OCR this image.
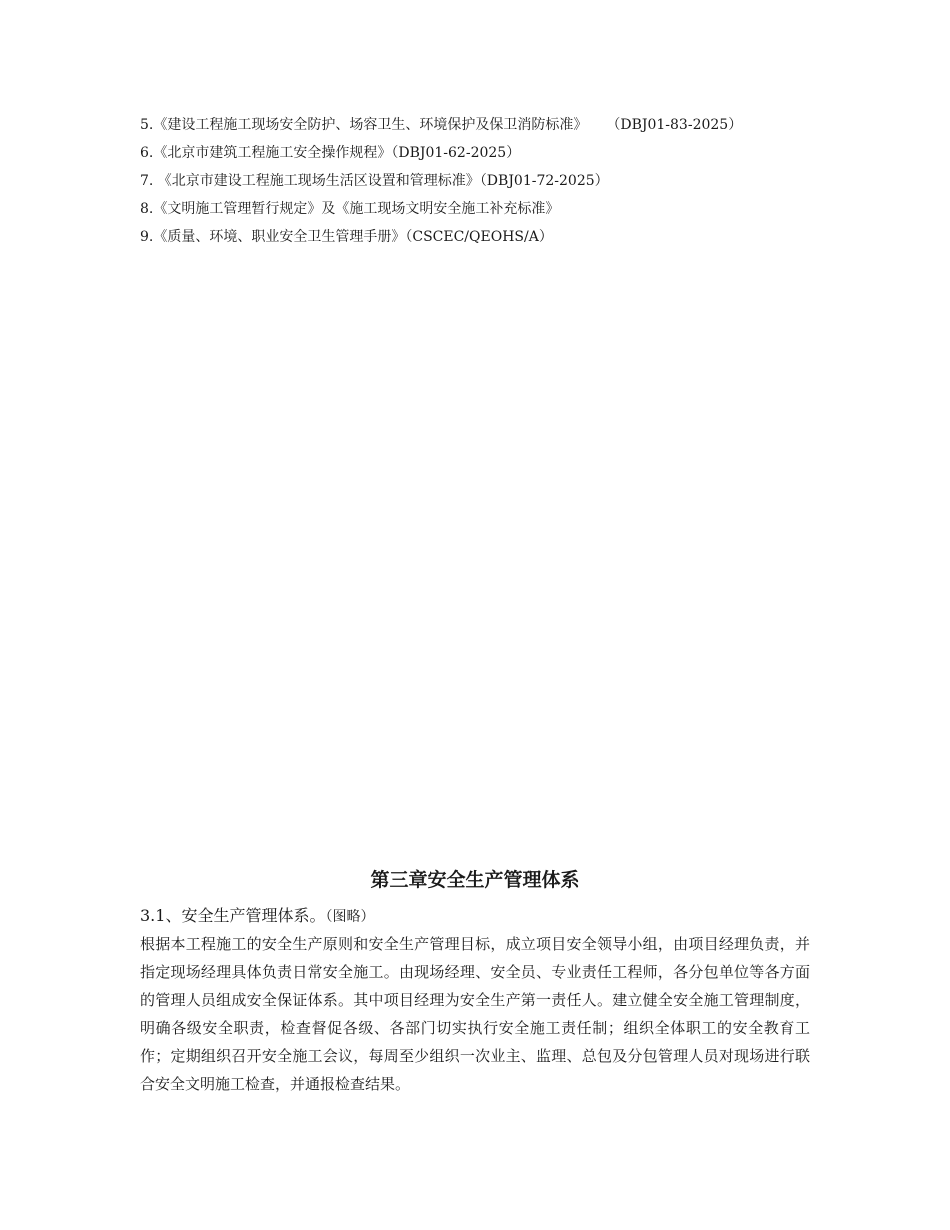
5.《建设工程施工现场安全防护、场容卫生、环境保护及保卫消防标准》 （DBJ01-83-2025）
6.《北京市建筑工程施工安全操作规程》（DBJ01-62-2025）
7. 《北京市建设工程施工现场生活区设置和管理标准》（DBJ01-72-2025）
8.《文明施工管理暂行规定》及《施工现场文明安全施工补充标准》
9.《质量、环境、职业安全卫生管理手册》（CSCEC/QEOHS/A）
第三章安全生产管理体系
3.1、安全生产管理体系。（图略）
根据本工程施工的安全生产原则和安全生产管理目标，成立项目安全领导小组，由项目经理负责，并指定现场经理具体负责日常安全施工。由现场经理、安全员、专业责任工程师，各分包单位等各方面的管理人员组成安全保证体系。其中项目经理为安全生产第一责任人。建立健全安全施工管理制度，明确各级安全职责，检查督促各级、各部门切实执行安全施工责任制；组织全体职工的安全教育工作；定期组织召开安全施工会议，每周至少组织一次业主、监理、总包及分包管理人员对现场进行联合安全文明施工检查，并通报检查结果。
